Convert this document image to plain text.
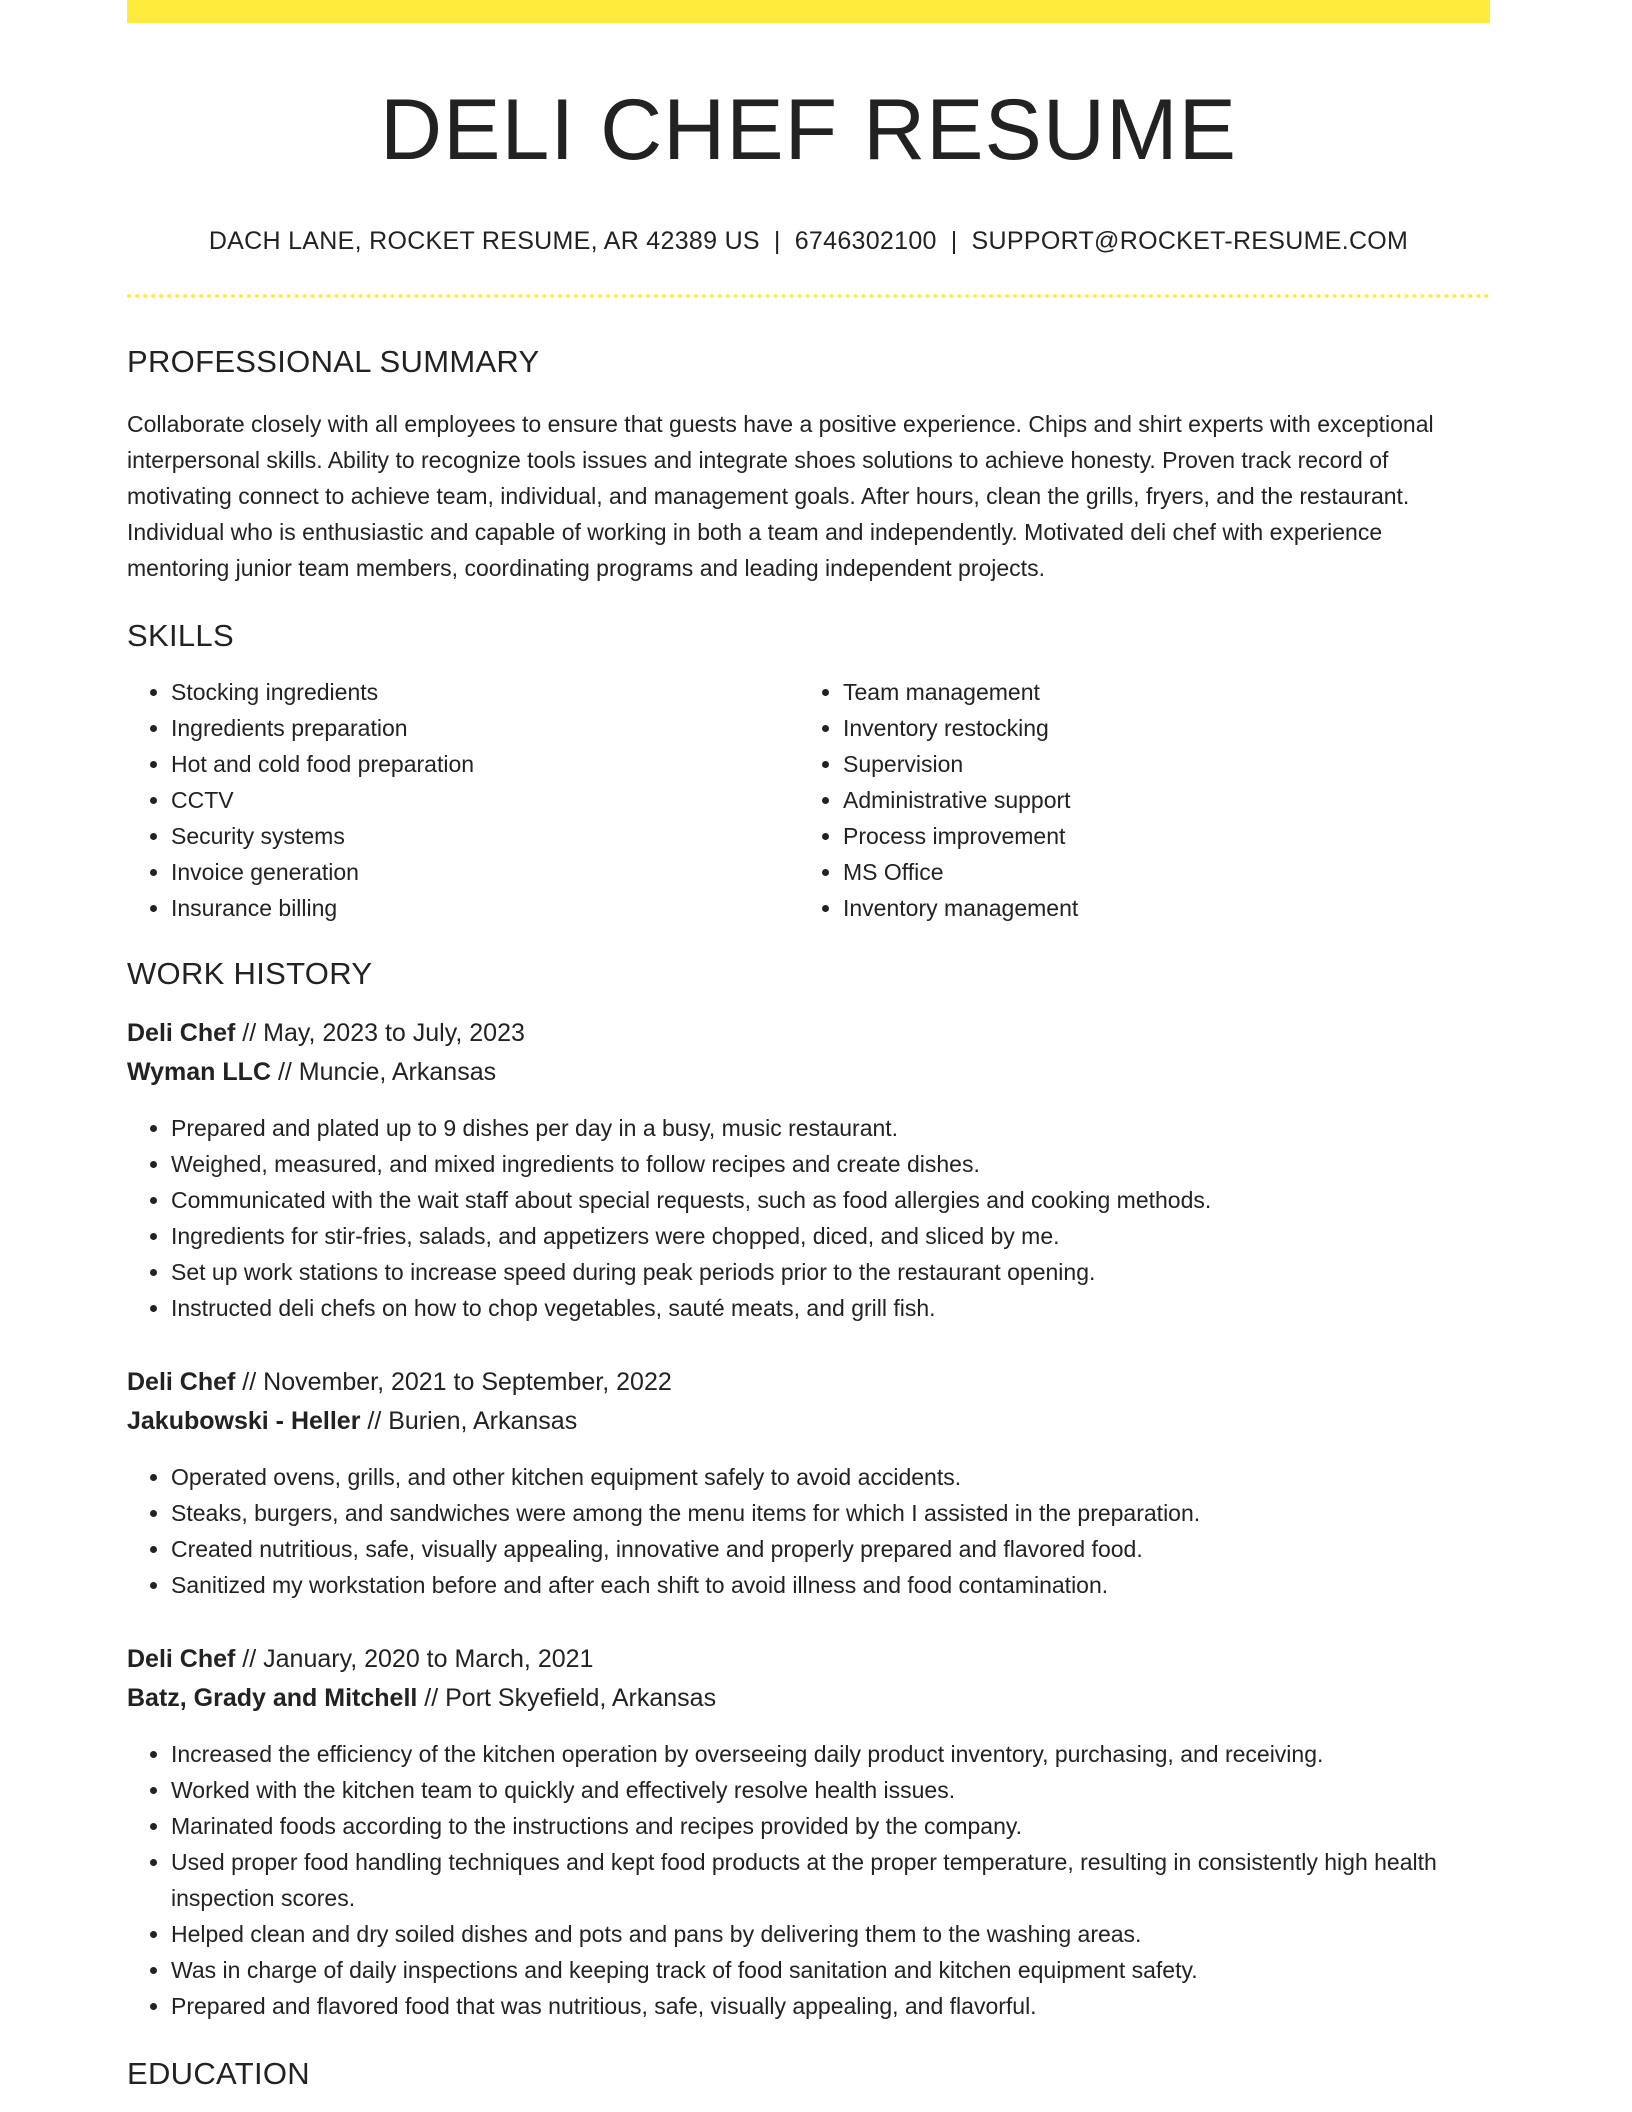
DELI CHEF RESUME
DACH LANE, ROCKET RESUME, AR 42389 US | 6746302100 | SUPPORT@ROCKET-RESUME.COM
PROFESSIONAL SUMMARY

Collaborate closely with all employees to ensure that guests have a positive experience. Chips and shirt experts with exceptional interpersonal skills. Ability to recognize tools issues and integrate shoes solutions to achieve honesty. Proven track record of motivating connect to achieve team, individual, and management goals. After hours, clean the grills, fryers, and the restaurant. Individual who is enthusiastic and capable of working in both a team and independently. Motivated deli chef with experience mentoring junior team members, coordinating programs and leading independent projects.

SKILLS
• Stocking ingredients
• Ingredients preparation
• Hot and cold food preparation
• CCTV
• Security systems
• Invoice generation
• Insurance billing
• Team management
• Inventory restocking
• Supervision
• Administrative support
• Process improvement
• MS Office
• Inventory management
WORK HISTORY
Deli Chef // May, 2023 to July, 2023
Wyman LLC // Muncie, Arkansas
• Prepared and plated up to 9 dishes per day in a busy, music restaurant.
• Weighed, measured, and mixed ingredients to follow recipes and create dishes.
• Communicated with the wait staff about special requests, such as food allergies and cooking methods.
• Ingredients for stir-fries, salads, and appetizers were chopped, diced, and sliced by me.
• Set up work stations to increase speed during peak periods prior to the restaurant opening.
• Instructed deli chefs on how to chop vegetables, sauté meats, and grill fish.
Deli Chef // November, 2021 to September, 2022
Jakubowski - Heller // Burien, Arkansas
• Operated ovens, grills, and other kitchen equipment safely to avoid accidents.
• Steaks, burgers, and sandwiches were among the menu items for which I assisted in the preparation.
• Created nutritious, safe, visually appealing, innovative and properly prepared and flavored food.
• Sanitized my workstation before and after each shift to avoid illness and food contamination.
Deli Chef // January, 2020 to March, 2021
Batz, Grady and Mitchell // Port Skyefield, Arkansas
• Increased the efficiency of the kitchen operation by overseeing daily product inventory, purchasing, and receiving.
• Worked with the kitchen team to quickly and effectively resolve health issues.
• Marinated foods according to the instructions and recipes provided by the company.
• Used proper food handling techniques and kept food products at the proper temperature, resulting in consistently high health inspection scores.
• Helped clean and dry soiled dishes and pots and pans by delivering them to the washing areas.
• Was in charge of daily inspections and keeping track of food sanitation and kitchen equipment safety.
• Prepared and flavored food that was nutritious, safe, visually appealing, and flavorful.
EDUCATION
